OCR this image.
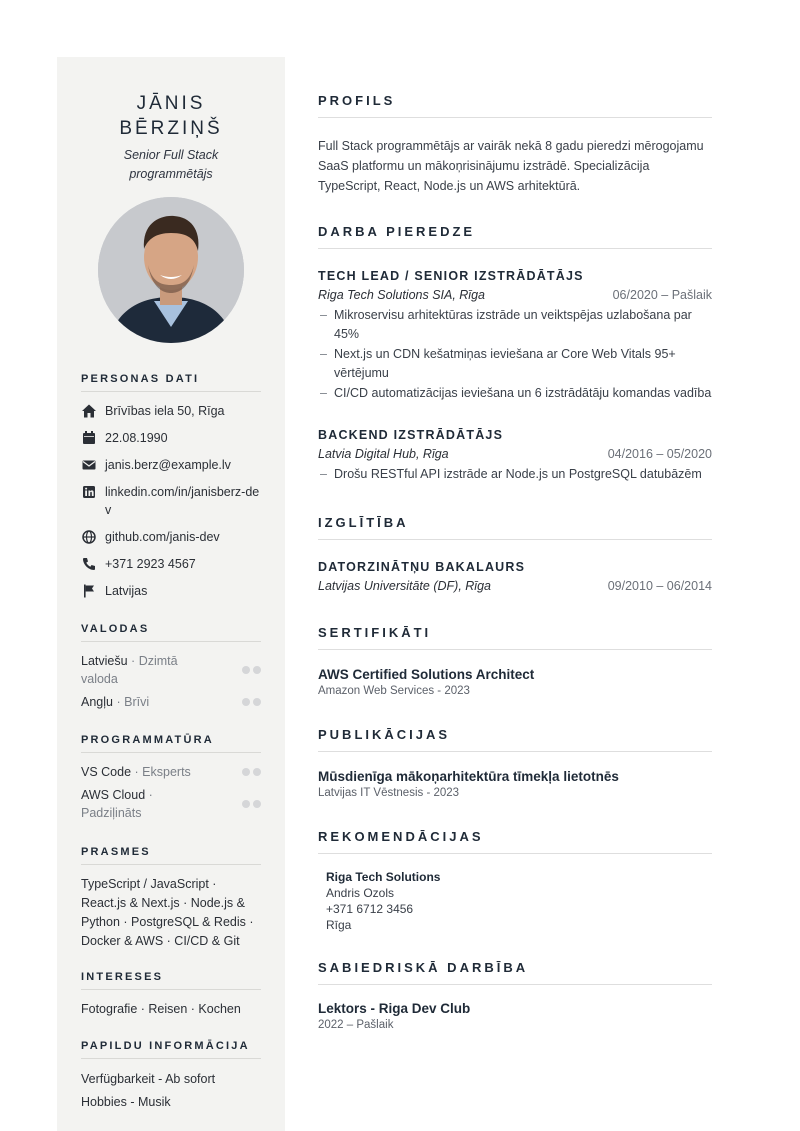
JĀNIS
BĒRZIŅŠ
Senior Full Stack
programmētājs
PERSONAS DATI
Brīvības iela 50, Rīga
22.08.1990
janis.berz@example.lv
linkedin.com/in/janisberz-dev
github.com/janis-dev
+371 2923 4567
Latvijas
VALODAS
Latviešu · Dzimtā valoda
Angļu · Brīvi
PROGRAMMATŪRA
VS Code · Eksperts
AWS Cloud · Padziļināts
PRASMES
TypeScript / JavaScript · React.js & Next.js · Node.js & Python · PostgreSQL & Redis · Docker & AWS · CI/CD & Git
INTERESES
Fotografie · Reisen · Kochen
PAPILDU INFORMĀCIJA
Verfügbarkeit - Ab sofort
Hobbies - Musik
PROFILS
Full Stack programmētājs ar vairāk nekā 8 gadu pieredzi mērogojamu SaaS platformu un mākoņrisinājumu izstrādē. Specializācija TypeScript, React, Node.js un AWS arhitektūrā.
DARBA PIEREDZE
TECH LEAD / SENIOR IZSTRĀDĀTĀJS
Riga Tech Solutions SIA, Rīga	06/2020 – Pašlaik
– Mikroservisu arhitektūras izstrāde un veiktspējas uzlabošana par 45%
– Next.js un CDN kešatmiņas ieviešana ar Core Web Vitals 95+ vērtējumu
– CI/CD automatizācijas ieviešana un 6 izstrādātāju komandas vadība
BACKEND IZSTRĀDĀTĀJS
Latvia Digital Hub, Rīga	04/2016 – 05/2020
– Drošu RESTful API izstrāde ar Node.js un PostgreSQL datubāzēm
IZGLĪTĪBA
DATORZINĀTŅU BAKALAURS
Latvijas Universitāte (DF), Rīga	09/2010 – 06/2014
SERTIFIKĀTI
AWS Certified Solutions Architect
Amazon Web Services - 2023
PUBLIKĀCIJAS
Mūsdienīga mākoņarhitektūra tīmekļa lietotnēs
Latvijas IT Vēstnesis - 2023
REKOMENDĀCIJAS
Riga Tech Solutions
Andris Ozols
+371 6712 3456
Rīga
SABIEDRISKĀ DARBĪBA
Lektors - Riga Dev Club
2022 – Pašlaik
